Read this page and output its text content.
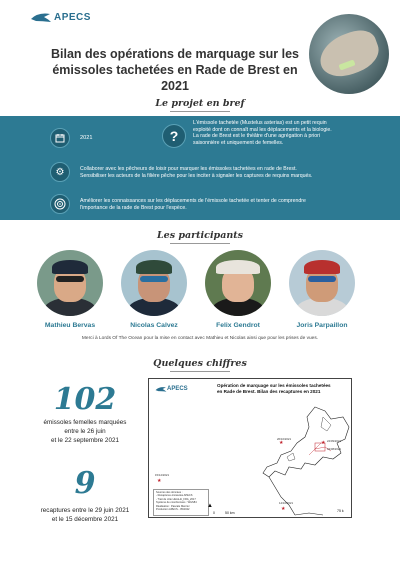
APECS
Bilan des opérations de marquage sur les
émissoles tachetées en Rade de Brest en 2021
Le projet en bref
2021
L'émissole tachetée (Mustelus asterias) est un petit requin
exploité dont on connaît mal les déplacements et la biologie.
La rade de Brest est le théâtre d'une agrégation à priori
saisonnière et uniquement de femelles.
⚙	Collaborer avec les pêcheurs de loisir pour marquer les émissoles tachetées en rade de Brest.
Sensibiliser les acteurs de la filière pêche pour les inciter à signaler les captures de requins marqués.
Améliorer les connaissances sur les déplacements de l'émissole tachetée et tenter de comprendre
l'importance de la rade de Brest pour l'espèce.
?
Les participants
Mathieu Bervas	Nicolas Calvez	Felix Gendrot	Joris Parpaillon
Merci à Lords Of The Ocean pour la mise en contact avec Mathieu et Nicolas ainsi que pour les prises de vues.
Quelques chiffres
102
émissoles femelles marquées
entre le 26 juin
et le 22 septembre 2021
9
recaptures entre le 29 juin 2021
et le 15 décembre 2021
APECS
Opération de marquage sur les émissoles tachetées
en Rade de Brest. Bilan des recaptures en 2021
26/10/2021	24/09/2021
04/08/2021
15/12/2021
14/10/2021
★	★
★
★
Sources des données :
- Recaptures émissoles APECS
- Trait de côte HistoLitt_FRA_2017
Système de coordonnées : WGS84
Réalisation : Pascale Mercier
Production APECS - 05/2022
0	50 km	75 k
▲
